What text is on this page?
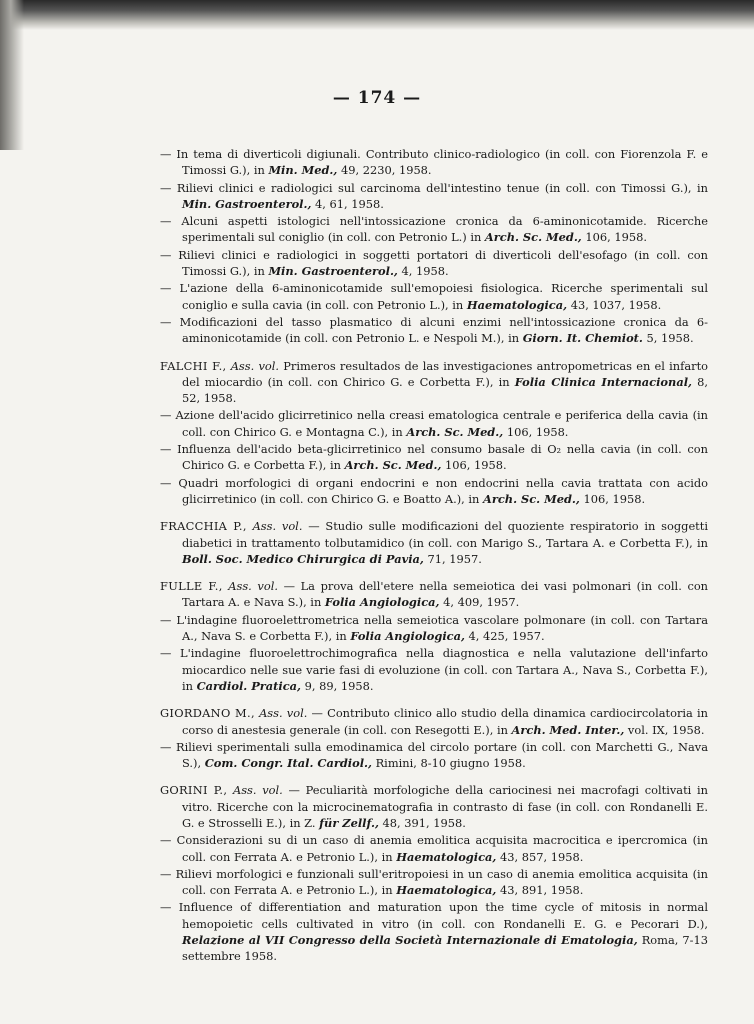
— 174 —

— In tema di diverticoli digiunali. Contributo clinico-radiologico (in coll. con Fiorenzola F. e Timossi G.), in Min. Med., 49, 2230, 1958.

— Rilievi clinici e radiologici sul carcinoma dell'intestino tenue (in coll. con Timossi G.), in Min. Gastroenterol., 4, 61, 1958.

— Alcuni aspetti istologici nell'intossicazione cronica da 6-aminonicotamide. Ricerche sperimentali sul coniglio (in coll. con Petronio L.) in Arch. Sc. Med., 106, 1958.

— Rilievi clinici e radiologici in soggetti portatori di diverticoli dell'esofago (in coll. con Timossi G.), in Min. Gastroenterol., 4, 1958.

— L'azione della 6-aminonicotamide sull'emopoiesi fisiologica. Ricerche sperimentali sul coniglio e sulla cavia (in coll. con Petronio L.), in Haematologica, 43, 1037, 1958.

— Modificazioni del tasso plasmatico di alcuni enzimi nell'intossicazione cronica da 6-aminonicotamide (in coll. con Petronio L. e Nespoli M.), in Giorn. It. Chemiot. 5, 1958.

FALCHI F., Ass. vol. Primeros resultados de las investigaciones antropometricas en el infarto del miocardio (in coll. con Chirico G. e Corbetta F.), in Folia Clinica Internacional, 8, 52, 1958.

— Azione dell'acido glicirretinico nella creasi ematologica centrale e periferica della cavia (in coll. con Chirico G. e Montagna C.), in Arch. Sc. Med., 106, 1958.

— Influenza dell'acido beta-glicirretinico nel consumo basale di O₂ nella cavia (in coll. con Chirico G. e Corbetta F.), in Arch. Sc. Med., 106, 1958.

— Quadri morfologici di organi endocrini e non endocrini nella cavia trattata con acido glicirretinico (in coll. con Chirico G. e Boatto A.), in Arch. Sc. Med., 106, 1958.

FRACCHIA P., Ass. vol. — Studio sulle modificazioni del quoziente respiratorio in soggetti diabetici in trattamento tolbutamidico (in coll. con Marigo S., Tartara A. e Corbetta F.), in Boll. Soc. Medico Chirurgica di Pavia, 71, 1957.

FULLE F., Ass. vol. — La prova dell'etere nella semeiotica dei vasi polmonari (in coll. con Tartara A. e Nava S.), in Folia Angiologica, 4, 409, 1957.

— L'indagine fluoroelettrometrica nella semeiotica vascolare polmonare (in coll. con Tartara A., Nava S. e Corbetta F.), in Folia Angiologica, 4, 425, 1957.

— L'indagine fluoroelettrochimografica nella diagnostica e nella valutazione dell'infarto miocardico nelle sue varie fasi di evoluzione (in coll. con Tartara A., Nava S., Corbetta F.), in Cardiol. Pratica, 9, 89, 1958.

GIORDANO M., Ass. vol. — Contributo clinico allo studio della dinamica cardiocircolatoria in corso di anestesia generale (in coll. con Resegotti E.), in Arch. Med. Inter., vol. IX, 1958.

— Rilievi sperimentali sulla emodinamica del circolo portare (in coll. con Marchetti G., Nava S.), Com. Congr. Ital. Cardiol., Rimini, 8-10 giugno 1958.

GORINI P., Ass. vol. — Peculiarità morfologiche della cariocinesi nei macrofagi coltivati in vitro. Ricerche con la microcinematografia in contrasto di fase (in coll. con Rondanelli E. G. e Strosselli E.), in Z. für Zellf., 48, 391, 1958.

— Considerazioni su di un caso di anemia emolitica acquisita macrocitica e ipercromica (in coll. con Ferrata A. e Petronio L.), in Haematologica, 43, 857, 1958.

— Rilievi morfologici e funzionali sull'eritropoiesi in un caso di anemia emolitica acquisita (in coll. con Ferrata A. e Petronio L.), in Haematologica, 43, 891, 1958.

— Influence of differentiation and maturation upon the time cycle of mitosis in normal hemopoietic cells cultivated in vitro (in coll. con Rondanelli E. G. e Pecorari D.), Relazione al VII Congresso della Società Internazionale di Ematologia, Roma, 7-13 settembre 1958.
